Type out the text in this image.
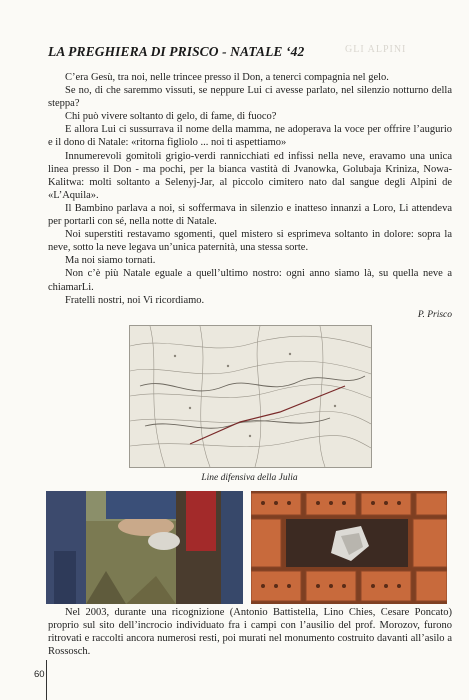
LA PREGHIERA DI PRISCO - NATALE ‘42	GLI ALPINI

C’era Gesù, tra noi, nelle trincee presso il Don, a tenerci compagnia nel gelo.

Se no, di che saremmo vissuti, se neppure Lui ci avesse parlato, nel silenzio notturno della steppa?

Chi può vivere soltanto di gelo, di fame, di fuoco?

E allora Lui ci sussurrava il nome della mamma, ne adoperava la voce per offrire l’augurio e il dono di Natale: «ritorna figliolo ... noi ti aspettiamo»

Innumerevoli gomitoli grigio-verdi rannicchiati ed infissi nella neve, eravamo una unica linea presso il Don - ma pochi, per la bianca vastità di Jvanowka, Golubaja Kriniza, Nowa-Kalitwa: molti soltanto a Selenyj-Jar, al piccolo cimitero nato dal sangue degli Alpini de «L’Aquila».

Il Bambino parlava a noi, si soffermava in silenzio e inatteso innanzi a Loro, Li attendeva per portarli con sé, nella notte di Natale.

Noi superstiti restavamo sgomenti, quel mistero si esprimeva soltanto in dolore: sopra la neve, sotto la neve legava un’unica paternità, una stessa sorte.

Ma noi siamo tornati.

Non c’è più Natale eguale a quell’ultimo nostro: ogni anno siamo là, su quella neve a chiamarLi.

Fratelli nostri, noi Vi ricordiamo.

P. Prisco
Line difensiva della Julia

Nel 2003, durante una ricognizione (Antonio Battistella, Lino Chies, Cesare Poncato) proprio sul sito dell’incrocio individuato fra i campi con l’ausilio del prof. Morozov, furono ritrovati e raccolti ancora numerosi resti, poi murati nel monumento costruito davanti all’asilo a Rossosch.

60
